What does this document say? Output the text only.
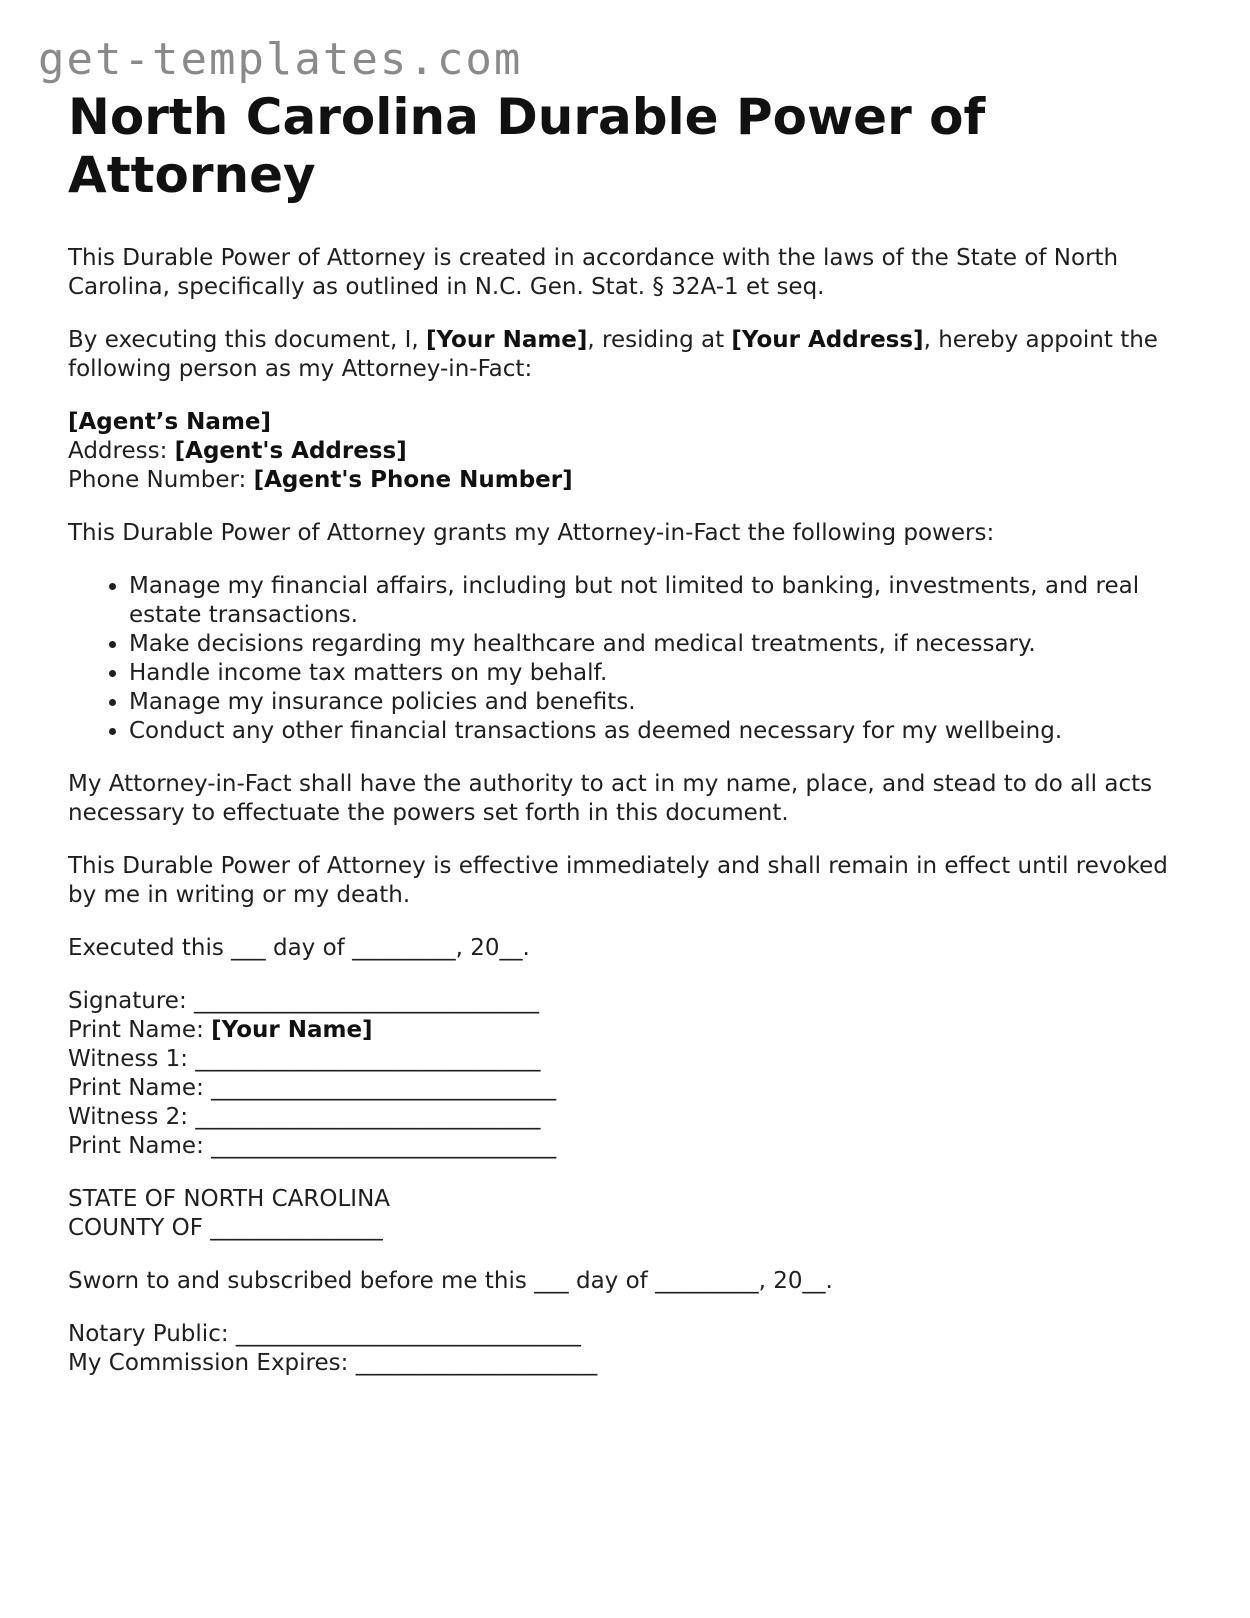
get-templates.com
North Carolina Durable Power of Attorney

This Durable Power of Attorney is created in accordance with the laws of the State of North Carolina, specifically as outlined in N.C. Gen. Stat. § 32A-1 et seq.

By executing this document, I, [Your Name], residing at [Your Address], hereby appoint the following person as my Attorney-in-Fact:

[Agent’s Name]
Address: [Agent's Address]
Phone Number: [Agent's Phone Number]

This Durable Power of Attorney grants my Attorney-in-Fact the following powers:

• Manage my financial affairs, including but not limited to banking, investments, and real estate transactions.
• Make decisions regarding my healthcare and medical treatments, if necessary.
• Handle income tax matters on my behalf.
• Manage my insurance policies and benefits.
• Conduct any other financial transactions as deemed necessary for my wellbeing.

My Attorney-in-Fact shall have the authority to act in my name, place, and stead to do all acts necessary to effectuate the powers set forth in this document.

This Durable Power of Attorney is effective immediately and shall remain in effect until revoked by me in writing or my death.

Executed this ___ day of _________, 20__.

Signature: ______________________________
Print Name: [Your Name]
Witness 1: ______________________________
Print Name: ______________________________
Witness 2: ______________________________
Print Name: ______________________________
STATE OF NORTH CAROLINA
COUNTY OF _______________

Sworn to and subscribed before me this ___ day of _________, 20__.

Notary Public: ______________________________
My Commission Expires: _____________________
